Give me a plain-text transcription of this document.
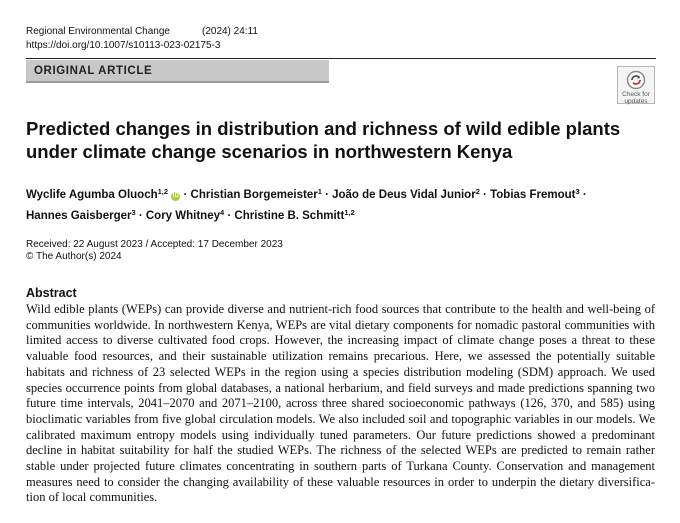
Regional Environmental Change	(2024) 24:11
https://doi.org/10.1007/s10113-023-02175-3
ORIGINAL ARTICLE
Check for
updates
Predicted changes in distribution and richness of wild edible plants under climate change scenarios in northwestern Kenya
Wyclife Agumba Oluoch$^{1,2}$ iD · Christian Borgemeister$^1$ · João de Deus Vidal Junior$^2$ · Tobias Fremout$^3$ ·
Hannes Gaisberger$^3$ · Cory Whitney$^4$ · Christine B. Schmitt$^{1,2}$
Received: 22 August 2023 / Accepted: 17 December 2023
© The Author(s) 2024
Abstract

Wild edible plants (WEPs) can provide diverse and nutrient-rich food sources that contribute to the health and well-being of communities worldwide. In northwestern Kenya, WEPs are vital dietary components for nomadic pastoral communities with limited access to diverse cultivated food crops. However, the increasing impact of climate change poses a threat to these valuable food resources, and their sustainable utilization remains precarious. Here, we assessed the potentially suitable habitats and richness of 23 selected WEPs in the region using a species distribution modeling (SDM) approach. We used species occurrence points from global databases, a national herbarium, and field surveys and made predictions spanning two future time intervals, 2041–2070 and 2071–2100, across three shared socioeconomic pathways (126, 370, and 585) using bioclimatic variables from five global circulation models. We also included soil and topographic variables in our models. We calibrated maximum entropy models using individually tuned parameters. Our future predictions showed a predominant decline in habitat suitability for half the studied WEPs. The richness of the selected WEPs are predicted to remain rather stable under projected future climates concentrating in southern parts of Turkana County. Conservation and management measures need to consider the changing availability of these valuable resources in order to underpin the dietary diversification of local communities.
